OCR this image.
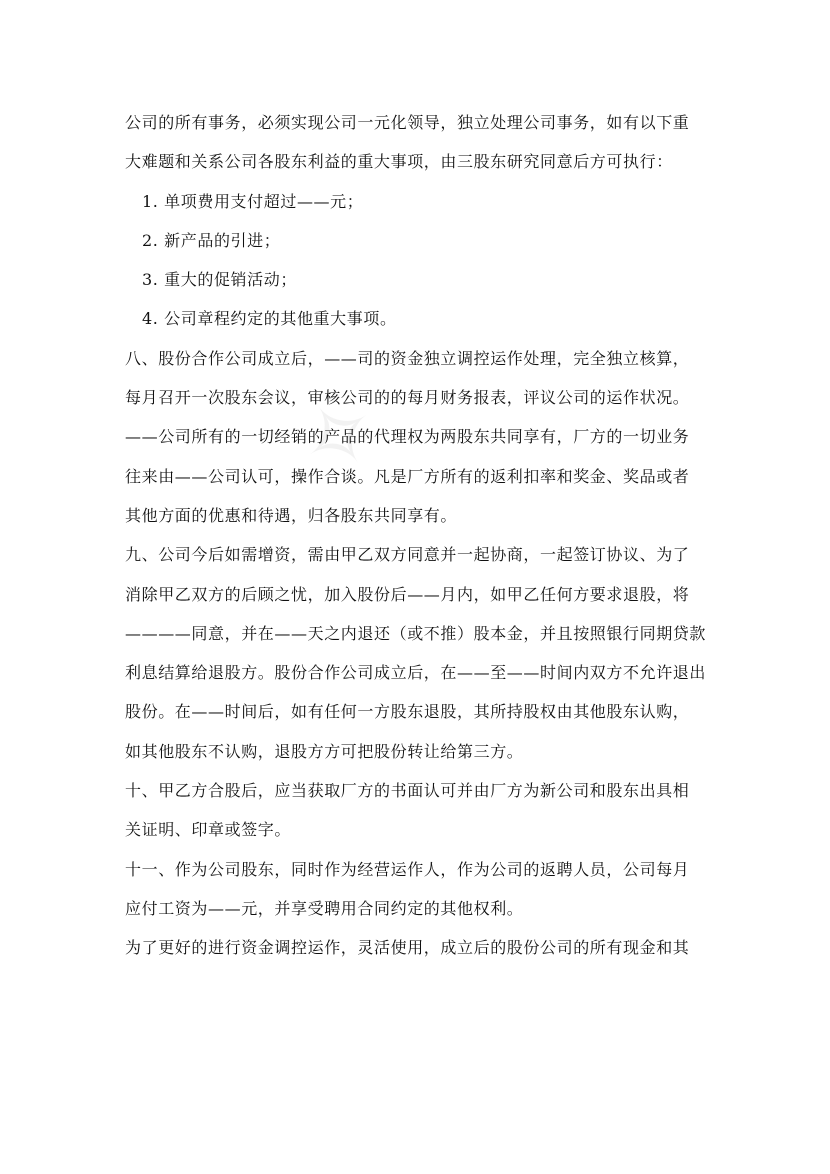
✧
公司的所有事务，必须实现公司一元化领导，独立处理公司事务，如有以下重
大难题和关系公司各股东利益的重大事项，由三股东研究同意后方可执行：
1. 单项费用支付超过——元；
2. 新产品的引进；
3. 重大的促销活动；
4. 公司章程约定的其他重大事项。
八、股份合作公司成立后，——司的资金独立调控运作处理，完全独立核算，
每月召开一次股东会议，审核公司的的每月财务报表，评议公司的运作状况。
——公司所有的一切经销的产品的代理权为两股东共同享有，厂方的一切业务
往来由——公司认可，操作合谈。凡是厂方所有的返利扣率和奖金、奖品或者
其他方面的优惠和待遇，归各股东共同享有。
九、公司今后如需增资，需由甲乙双方同意并一起协商，一起签订协议、为了
消除甲乙双方的后顾之忧，加入股份后——月内，如甲乙任何方要求退股，将
————同意，并在——天之内退还（或不推）股本金，并且按照银行同期贷款
利息结算给退股方。股份合作公司成立后，在——至——时间内双方不允许退出
股份。在——时间后，如有任何一方股东退股，其所持股权由其他股东认购，
如其他股东不认购，退股方方可把股份转让给第三方。
十、甲乙方合股后，应当获取厂方的书面认可并由厂方为新公司和股东出具相
关证明、印章或签字。
十一、作为公司股东，同时作为经营运作人，作为公司的返聘人员，公司每月
应付工资为——元，并享受聘用合同约定的其他权利。
为了更好的进行资金调控运作，灵活使用，成立后的股份公司的所有现金和其
